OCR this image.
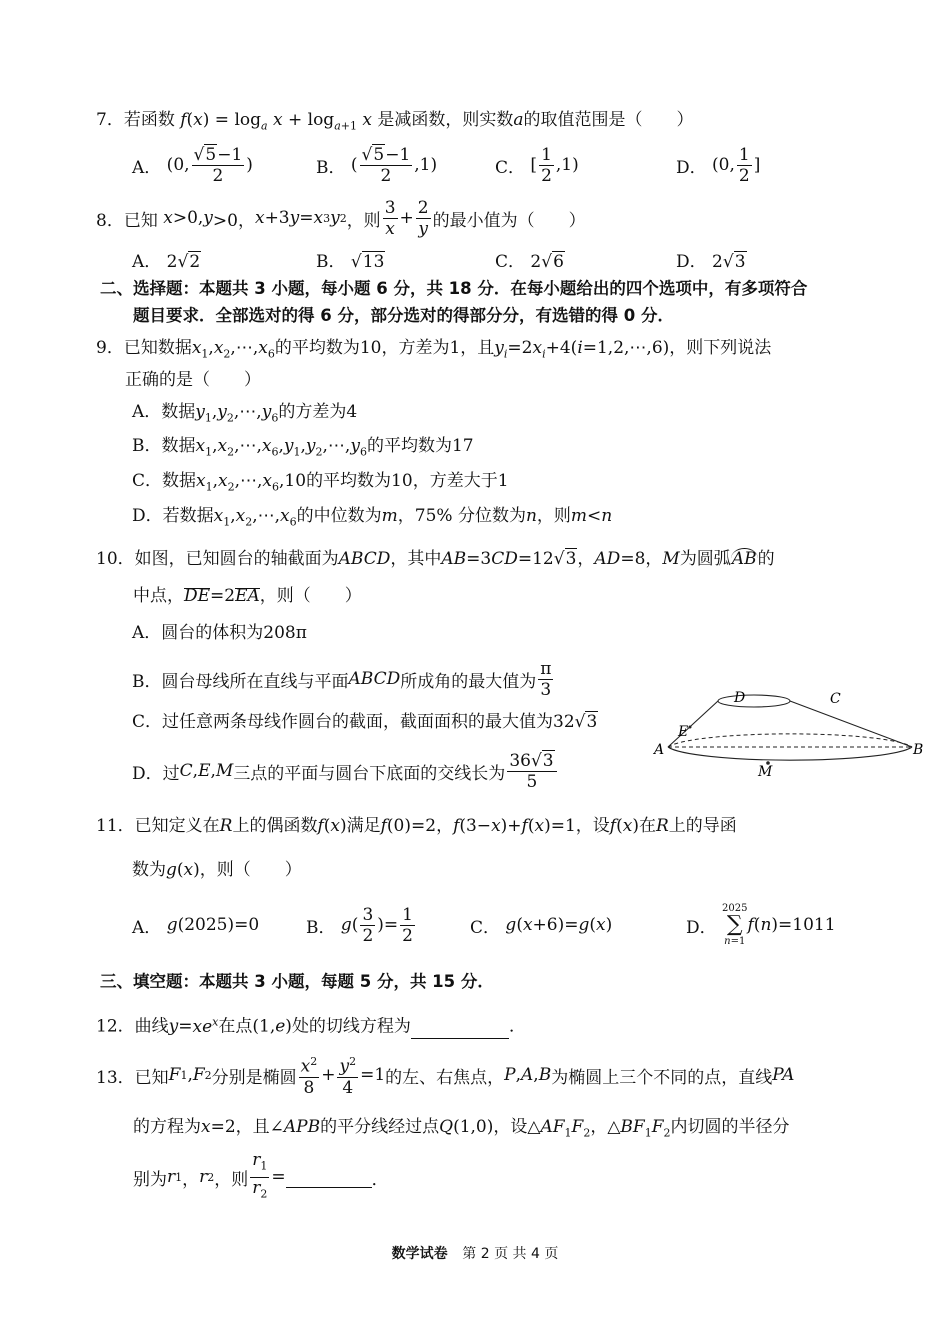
7．若函数 $f(x) = \log_a x + \log_{a+1} x$ 是减函数，则实数a的取值范围是（　　）
A． (0, $\frac{√5-1}{2}$ )	B． ( $\frac{√5-1}{2} ,1$)	C． [ $\frac{1}{2} ,1$)	D． (0, $\frac{1}{2}$ ]
8．已知
x >0, y >0， x +3 y = x 3 y 2 ，则 $\frac{3}{x} + \frac{2}{y}$ 的最小值为（　　）
A． 2√2	B． √13	C． 2√6	D． 2√3
二、选择题：本题共 3 小题，每小题 6 分，共 18 分．在每小题给出的四个选项中，有多项符合
题目要求．全部选对的得 6 分，部分选对的得部分分，有选错的得 0 分．
9．已知数据$x_1,x_2,\cdots,x_6$的平均数为10，方差为1，且$y_i=2x_i+4(i=1,2,\cdots,6)$，则下列说法
正确的是（　　）
A．数据$y_1,y_2,\cdots,y_6$的方差为4
B．数据$x_1,x_2,\cdots,x_6,y_1,y_2,\cdots,y_6$的平均数为17
C．数据$x_1,x_2,\cdots,x_6,10$的平均数为10，方差大于1
D．若数据$x_1,x_2,\cdots,x_6$的中位数为m，75% 分位数为n，则m<n
10．如图，已知圆台的轴截面为ABCD，其中AB=3CD=12√3，AD=8，M为圆弧AB的
中点，DE=2EA，则（　　）
A．圆台的体积为208π
B．圆台母线所在直线与平面 ABCD 所成角的最大值为 $\frac{\pi}{3}$
C．过任意两条母线作圆台的截面，截面面积的最大值为32√3
D．过 C , E , M 三点的平面与圆台下底面的交线长为 $\frac{36√3}{5}$
D	C
E
A	B
M
11．已知定义在R上的偶函数f(x)满足f(0)=2，f(3−x)+f(x)=1，设f(x)在R上的导函
数为g(x)，则（　　）
A．
g (2025)=0	B．
g ( $\frac{3}{2}$ )= $\frac{1}{2}$	C．
g ( x +6)= g ( x )	D．

2025
∑
n=1
f ( n )=1011
三、填空题：本题共 3 小题，每题 5 分，共 15 分．
12．曲线$y=xe^x$在点(1,e)处的切线方程为	．
13．已知 F 1 , F 2 分别是椭圆 $\frac{x^2}{8} + \frac{y^2}{4} =1$ 的左、右焦点， P , A , B 为椭圆上三个不同的点，直线 PA
的方程为x=2，且∠APB的平分线经过点Q(1,0)，设$\triangle AF_1F_2$，$\triangle BF_1F_2$内切圆的半径分
别为 r 1 ， r 2 ，则 $\frac{r_1}{r_2}$ =	．
数学试卷 第 2 页 共 4 页
